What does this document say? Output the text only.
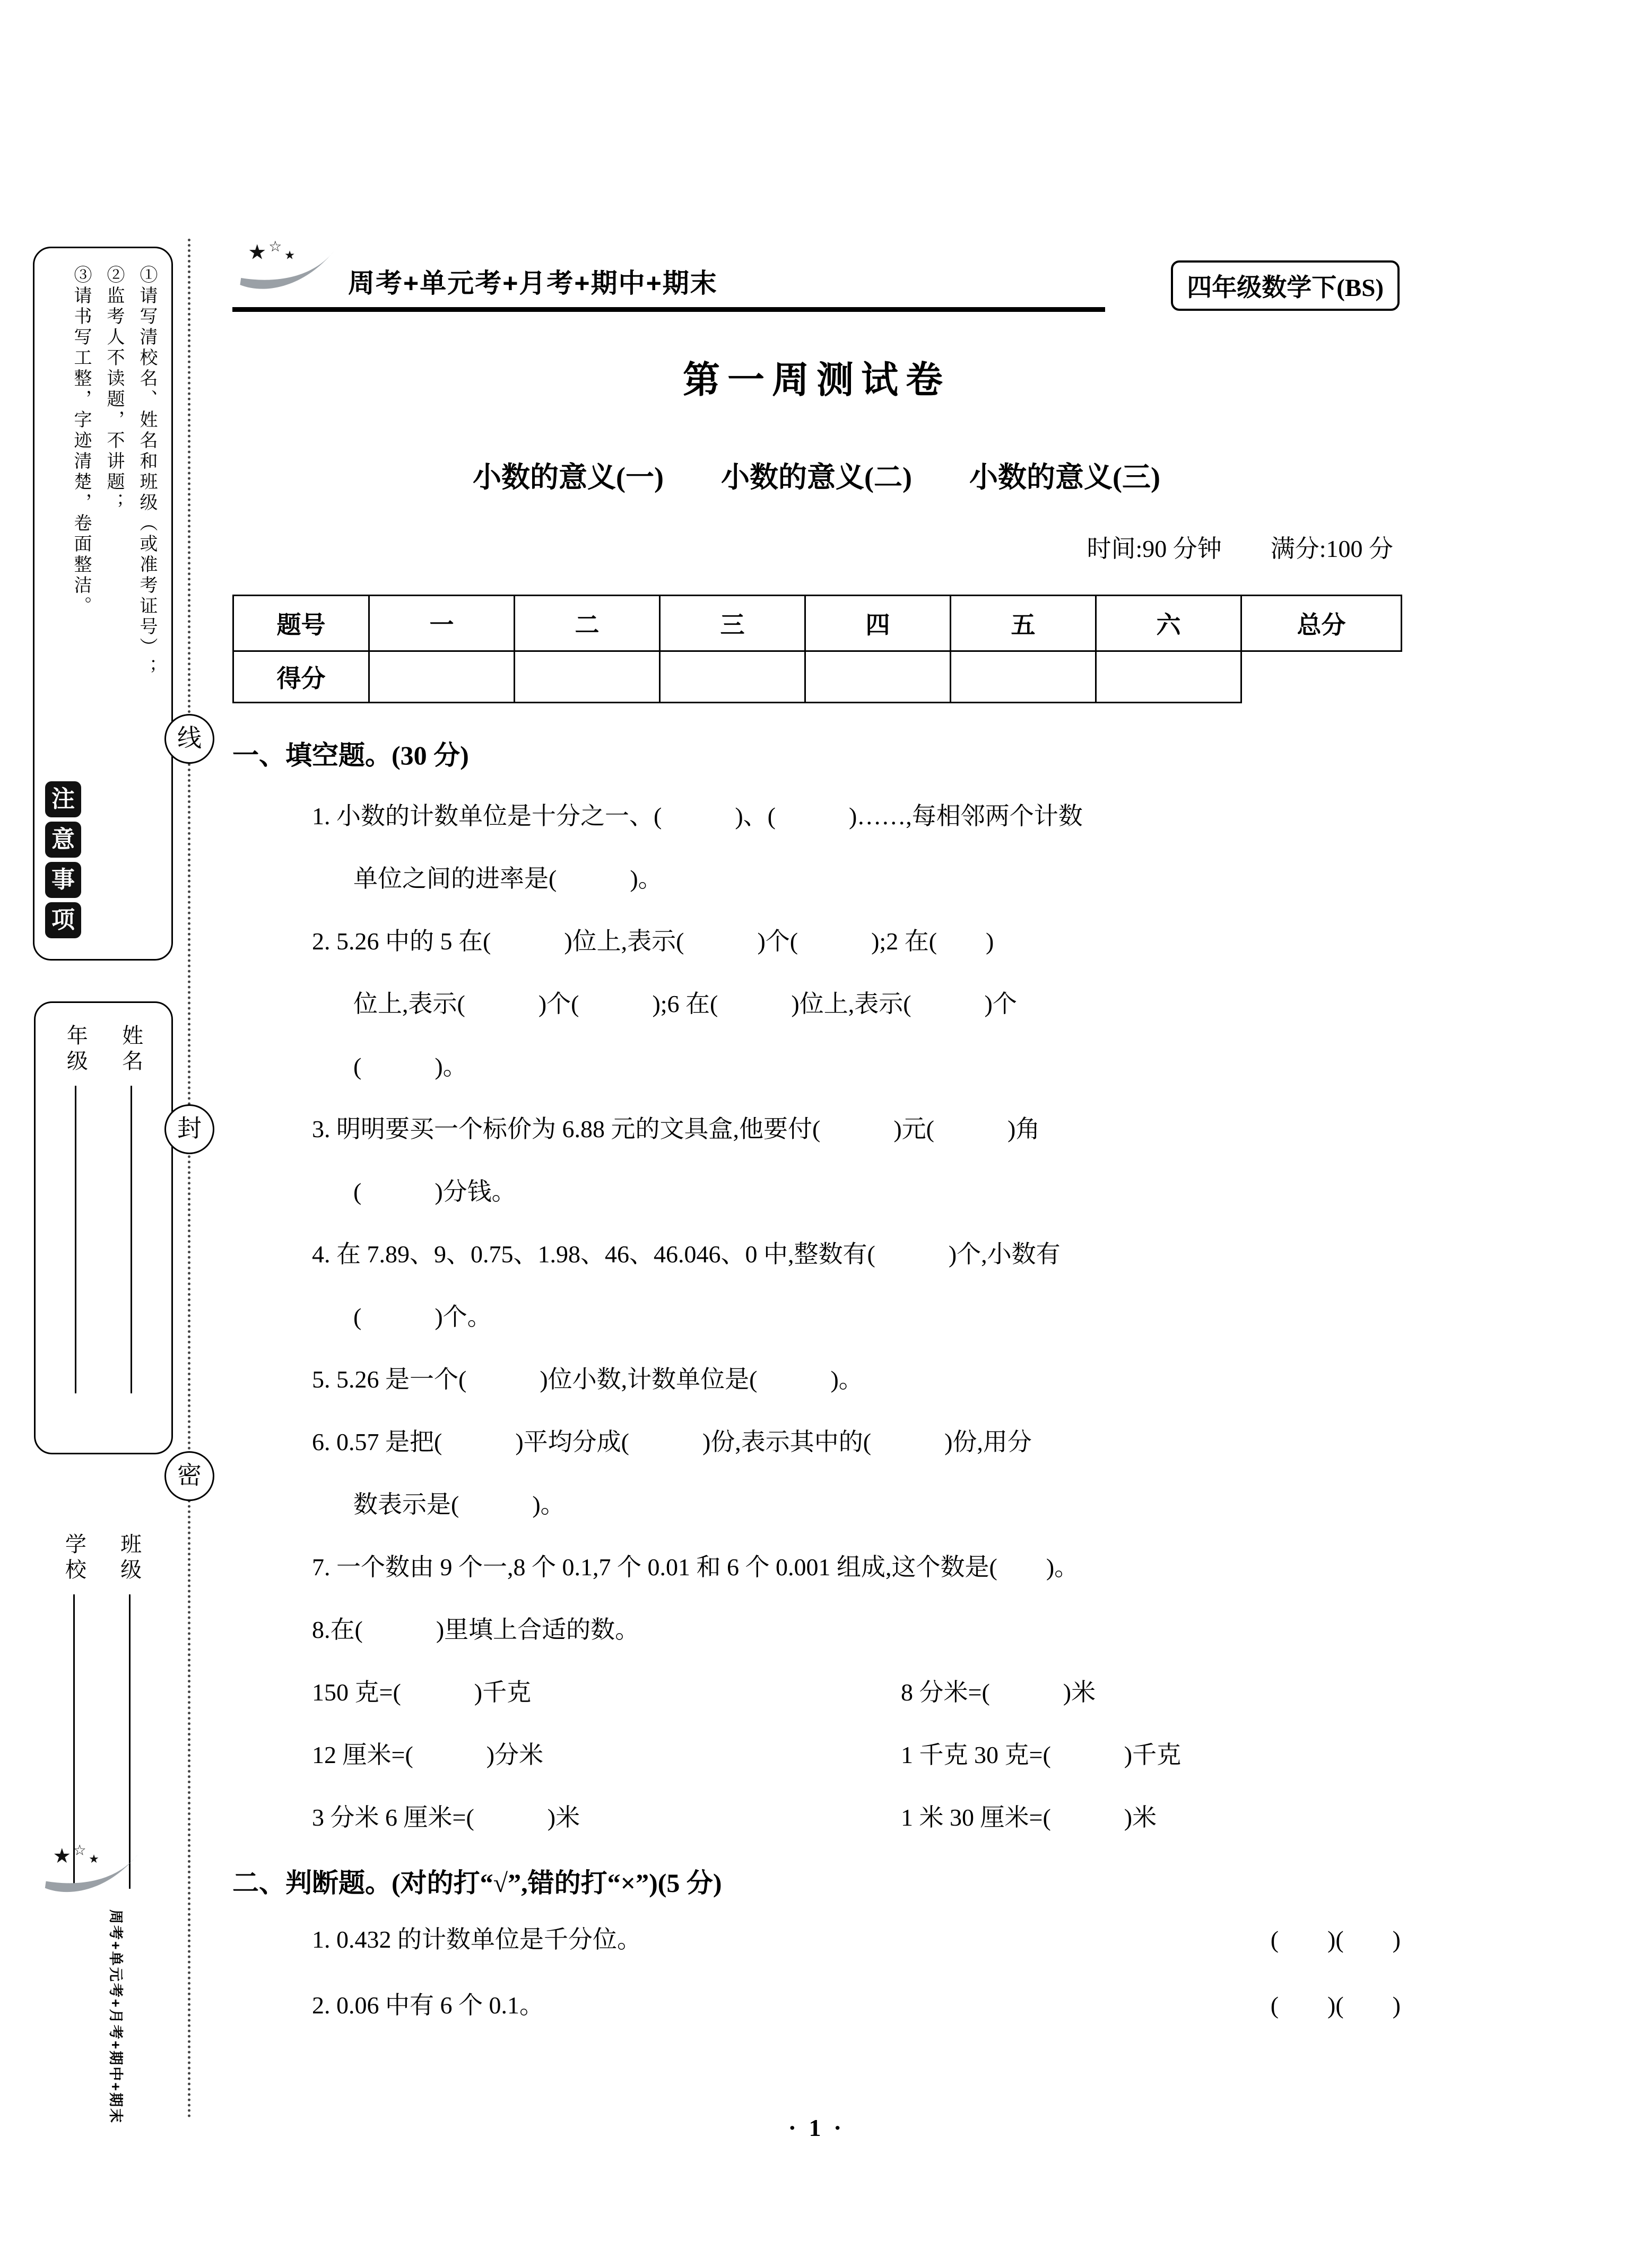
线
封
密
①请写清校名、姓名和班级（或准考证号）；
②监考人不读题，不讲题；
③请书写工整，字迹清楚，卷面整洁。
注
意
事
项
年级 姓名
学校 班级
★ ☆
★
周考+单元考+月考+期中+期末
★ ☆
★
周考+单元考+月考+期中+期末	四年级数学下(BS)
第一周测试卷
小数的意义(一)　　小数的意义(二)　　小数的意义(三)
时间:90 分钟　　满分:100 分
题号	一	二	三	四	五	六	总分
得分							
一、填空题。(30 分)
1. 小数的计数单位是十分之一、(　　　)、(　　　)……,每相邻两个计数
单位之间的进率是(　　　)。
2. 5.26 中的 5 在(　　　)位上,表示(　　　)个(　　　);2 在(　　)
位上,表示(　　　)个(　　　);6 在(　　　)位上,表示(　　　)个
(　　　)。
3. 明明要买一个标价为 6.88 元的文具盒,他要付(　　　)元(　　　)角
(　　　)分钱。
4. 在 7.89、9、0.75、1.98、46、46.046、0 中,整数有(　　　)个,小数有
(　　　)个。
5. 5.26 是一个(　　　)位小数,计数单位是(　　　)。
6. 0.57 是把(　　　)平均分成(　　　)份,表示其中的(　　　)份,用分
数表示是(　　　)。
7. 一个数由 9 个一,8 个 0.1,7 个 0.01 和 6 个 0.001 组成,这个数是(　　)。
8.在(　　　)里填上合适的数。
150 克=(　　　)千克	8 分米=(　　　)米
12 厘米=(　　　)分米	1 千克 30 克=(　　　)千克
3 分米 6 厘米=(　　　)米	1 米 30 厘米=(　　　)米
二、判断题。(对的打“√”,错的打“×”)(5 分)
1. 0.432 的计数单位是千分位。	(　　)(　　)
2. 0.06 中有 6 个 0.1。	(　　)(　　)
· 1 ·
